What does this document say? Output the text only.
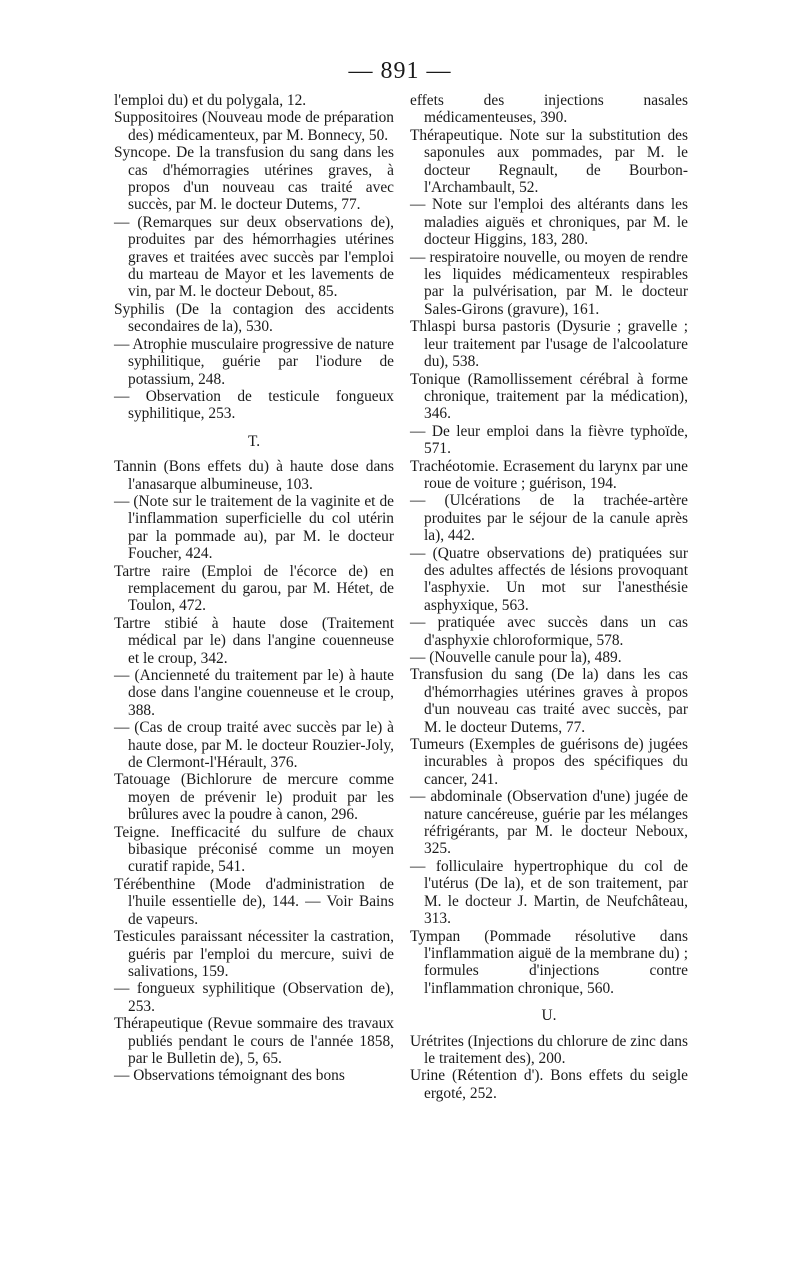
— 891 —

l'emploi du) et du polygala, 12.

Suppositoires (Nouveau mode de préparation des) médicamenteux, par M. Bonnecy, 50.

Syncope. De la transfusion du sang dans les cas d'hémorragies utérines graves, à propos d'un nouveau cas traité avec succès, par M. le docteur Dutems, 77.

— (Remarques sur deux observations de), produites par des hémorrhagies utérines graves et traitées avec succès par l'emploi du marteau de Mayor et les lavements de vin, par M. le docteur Debout, 85.

Syphilis (De la contagion des accidents secondaires de la), 530.

— Atrophie musculaire progressive de nature syphilitique, guérie par l'iodure de potassium, 248.

— Observation de testicule fongueux syphilitique, 253.

T.

Tannin (Bons effets du) à haute dose dans l'anasarque albumineuse, 103.

— (Note sur le traitement de la vaginite et de l'inflammation superficielle du col utérin par la pommade au), par M. le docteur Foucher, 424.

Tartre raire (Emploi de l'écorce de) en remplacement du garou, par M. Hétet, de Toulon, 472.

Tartre stibié à haute dose (Traitement médical par le) dans l'angine couenneuse et le croup, 342.

— (Ancienneté du traitement par le) à haute dose dans l'angine couenneuse et le croup, 388.

— (Cas de croup traité avec succès par le) à haute dose, par M. le docteur Rouzier-Joly, de Clermont-l'Hérault, 376.

Tatouage (Bichlorure de mercure comme moyen de prévenir le) produit par les brûlures avec la poudre à canon, 296.

Teigne. Inefficacité du sulfure de chaux bibasique préconisé comme un moyen curatif rapide, 541.

Térébenthine (Mode d'administration de l'huile essentielle de), 144. — Voir Bains de vapeurs.

Testicules paraissant nécessiter la castration, guéris par l'emploi du mercure, suivi de salivations, 159.

— fongueux syphilitique (Observation de), 253.

Thérapeutique (Revue sommaire des travaux publiés pendant le cours de l'année 1858, par le Bulletin de), 5, 65.

— Observations témoignant des bons

effets des injections nasales médicamenteuses, 390.

Thérapeutique. Note sur la substitution des saponules aux pommades, par M. le docteur Regnault, de Bourbon-l'Archambault, 52.

— Note sur l'emploi des altérants dans les maladies aiguës et chroniques, par M. le docteur Higgins, 183, 280.

— respiratoire nouvelle, ou moyen de rendre les liquides médicamenteux respirables par la pulvérisation, par M. le docteur Sales-Girons (gravure), 161.

Thlaspi bursa pastoris (Dysurie ; gravelle ; leur traitement par l'usage de l'alcoolature du), 538.

Tonique (Ramollissement cérébral à forme chronique, traitement par la médication), 346.

— De leur emploi dans la fièvre typhoïde, 571.

Trachéotomie. Ecrasement du larynx par une roue de voiture ; guérison, 194.

— (Ulcérations de la trachée-artère produites par le séjour de la canule après la), 442.

— (Quatre observations de) pratiquées sur des adultes affectés de lésions provoquant l'asphyxie. Un mot sur l'anesthésie asphyxique, 563.

— pratiquée avec succès dans un cas d'asphyxie chloroformique, 578.

— (Nouvelle canule pour la), 489.

Transfusion du sang (De la) dans les cas d'hémorrhagies utérines graves à propos d'un nouveau cas traité avec succès, par M. le docteur Dutems, 77.

Tumeurs (Exemples de guérisons de) jugées incurables à propos des spécifiques du cancer, 241.

— abdominale (Observation d'une) jugée de nature cancéreuse, guérie par les mélanges réfrigérants, par M. le docteur Neboux, 325.

— folliculaire hypertrophique du col de l'utérus (De la), et de son traitement, par M. le docteur J. Martin, de Neufchâteau, 313.

Tympan (Pommade résolutive dans l'inflammation aiguë de la membrane du) ; formules d'injections contre l'inflammation chronique, 560.

U.

Urétrites (Injections du chlorure de zinc dans le traitement des), 200.

Urine (Rétention d'). Bons effets du seigle ergoté, 252.
